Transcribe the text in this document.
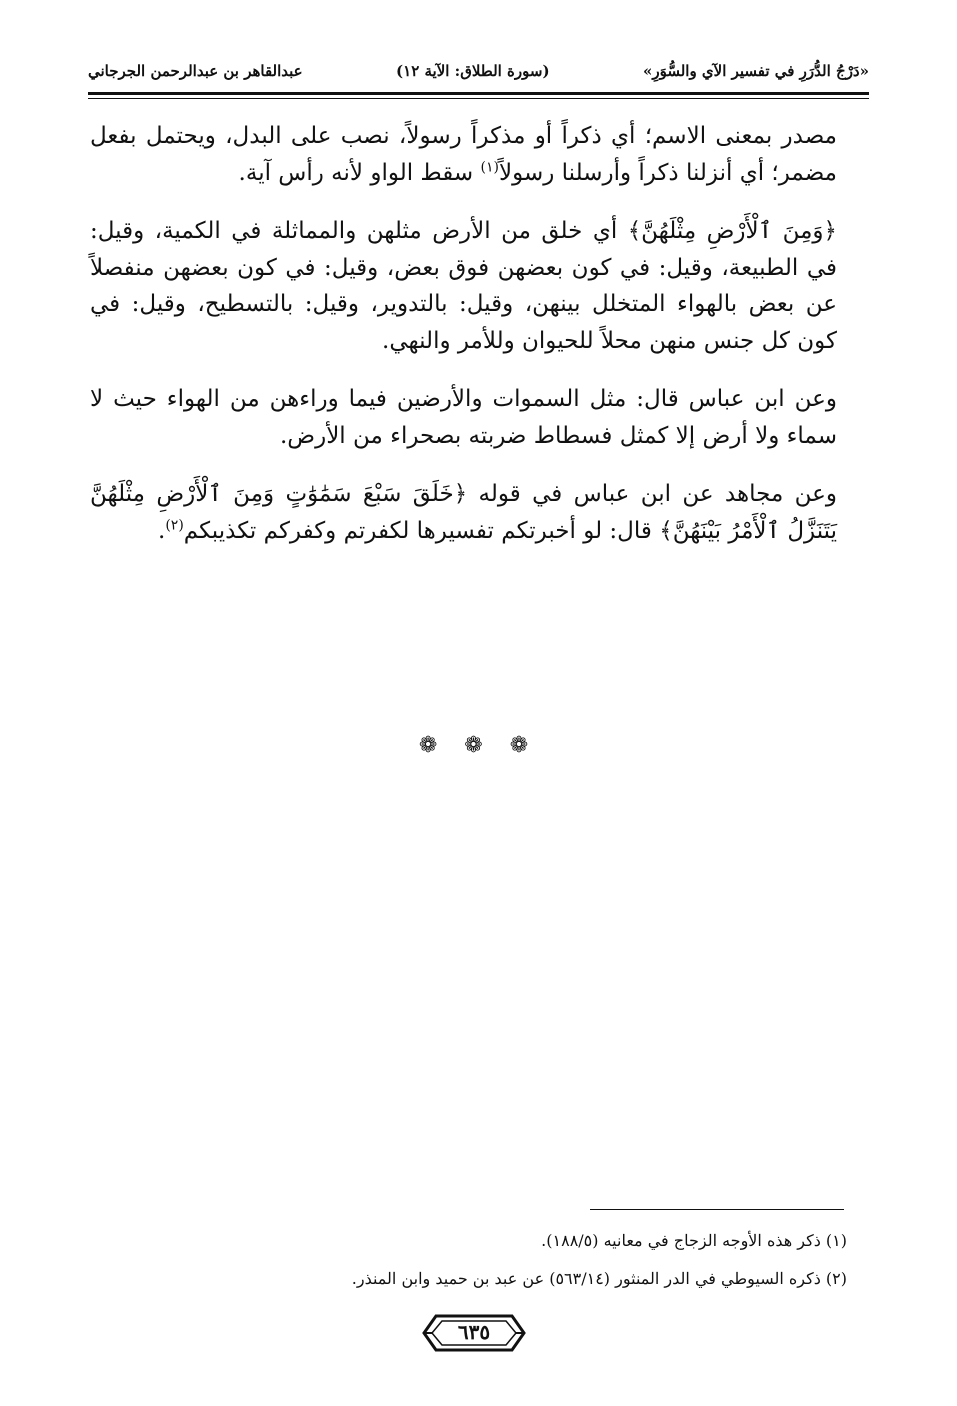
«دَرْجُ الدُّرَرِ في تفسير الآي والسُّوَرِ»
(سورة الطلاق: الآية ١٢)
عبدالقاهر بن عبدالرحمن الجرجاني

مصدر بمعنى الاسم؛ أي ذكراً أو مذكراً رسولاً، نصب على البدل، ويحتمل بفعل مضمر؛ أي أنزلنا ذكراً وأرسلنا رسولاً$^{(١)}$ سقط الواو لأنه رأس آية.

﴿وَمِنَ ٱلْأَرْضِ مِثْلَهُنَّ﴾ أي خلق من الأرض مثلهن والمماثلة في الكمية، وقيل: في الطبيعة، وقيل: في كون بعضهن فوق بعض، وقيل: في كون بعضهن منفصلاً عن بعض بالهواء المتخلل بينهن، وقيل: بالتدوير، وقيل: بالتسطيح، وقيل: في كون كل جنس منهن محلاً للحيوان وللأمر والنهي.

وعن ابن عباس قال: مثل السموات والأرضين فيما وراءهن من الهواء حيث لا سماء ولا أرض إلا كمثل فسطاط ضربته بصحراء من الأرض.

وعن مجاهد عن ابن عباس في قوله ﴿خَلَقَ سَبْعَ سَمَٰوَٰتٍ وَمِنَ ٱلْأَرْضِ مِثْلَهُنَّ يَتَنَزَّلُ ٱلْأَمْرُ بَيْنَهُنَّ﴾ قال: لو أخبرتكم تفسيرها لكفرتم وكفركم تكذيبكم$^{(٢)}$.

❁ ❁ ❁
(١) ذكر هذه الأوجه الزجاج في معانيه (١٨٨/٥).
(٢) ذكره السيوطي في الدر المنثور (٥٦٣/١٤) عن عبد بن حميد وابن المنذر.
٦٣٥
